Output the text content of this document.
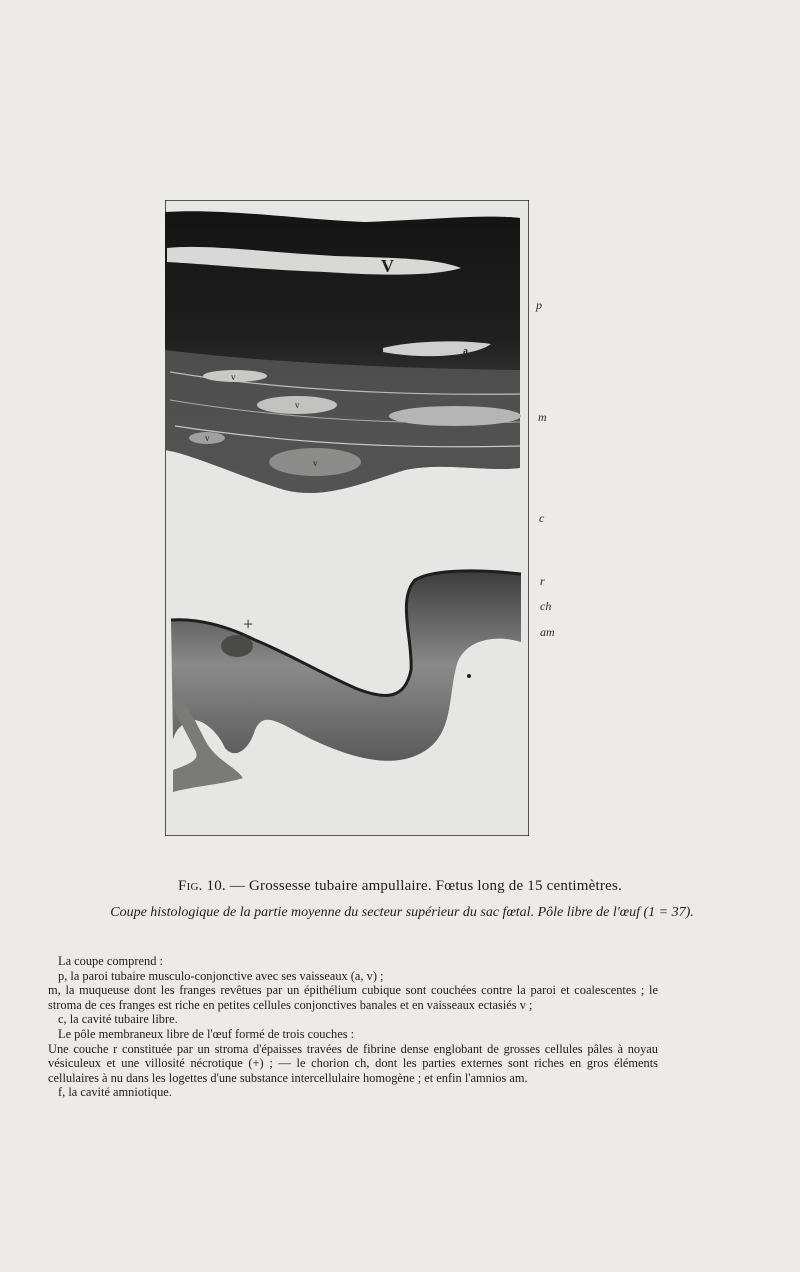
V
a
v
v
v
v
+
p
m
c
r
ch
am
Fig. 10. — Grossesse tubaire ampullaire. Fœtus long de 15 centimètres.
Coupe histologique de la partie moyenne du secteur supérieur du sac fœtal. Pôle libre de l'œuf (1 = 37).

La coupe comprend :

p, la paroi tubaire musculo-conjonctive avec ses vaisseaux (a, v) ;

m, la muqueuse dont les franges revêtues par un épithélium cubique sont couchées contre la paroi et coalescentes ; le stroma de ces franges est riche en petites cellules conjonctives banales et en vaisseaux ectasiés v ;

c, la cavité tubaire libre.

Le pôle membraneux libre de l'œuf formé de trois couches :

Une couche r constituée par un stroma d'épaisses travées de fibrine dense englobant de grosses cellules pâles à noyau vésiculeux et une villosité nécrotique (+) ; — le chorion ch, dont les parties externes sont riches en gros éléments cellulaires à nu dans les logettes d'une substance intercellulaire homogène ; et enfin l'amnios am.

f, la cavité amniotique.
